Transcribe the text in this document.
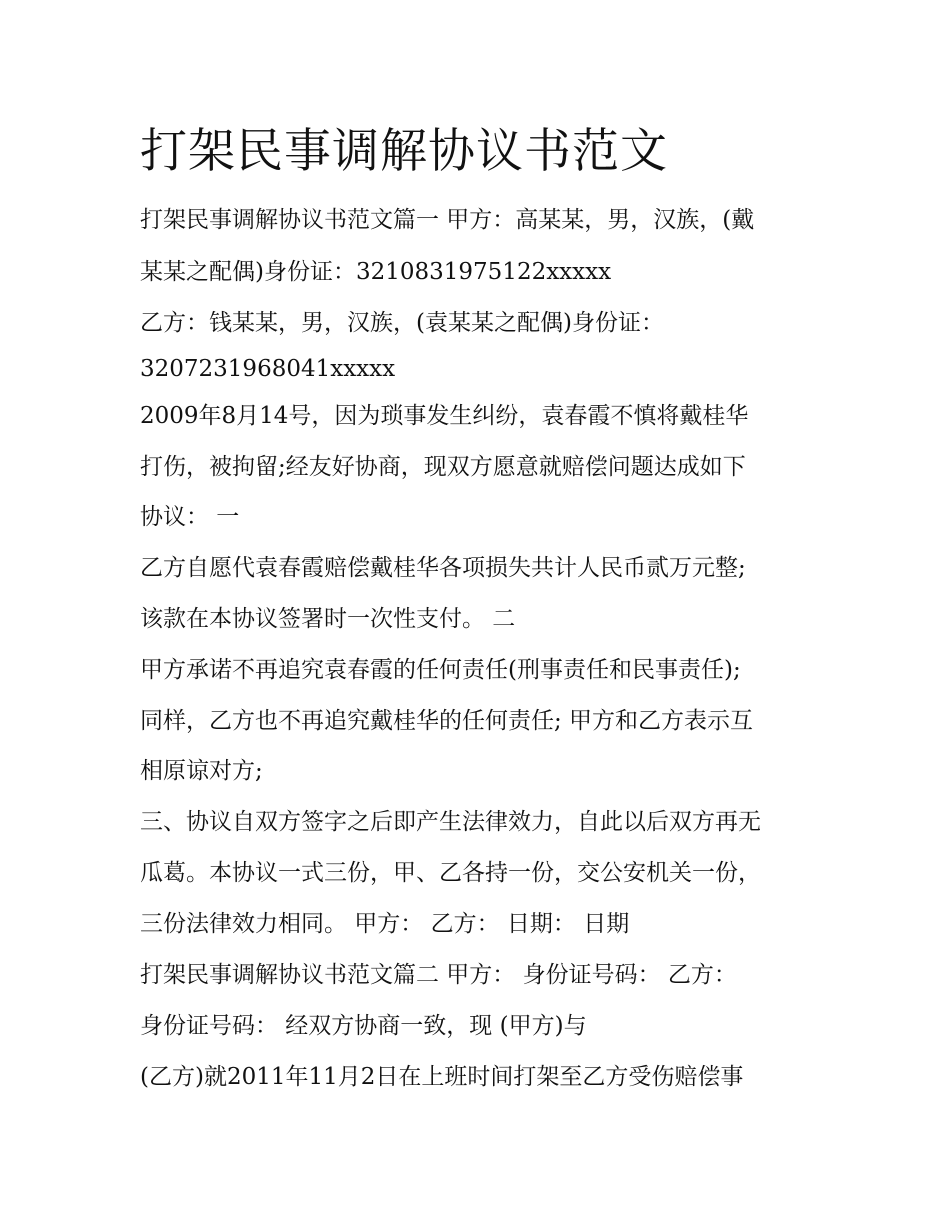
打架民事调解协议书范文

打架民事调解协议书范文篇一 甲方：高某某，男，汉族，(戴

某某之配偶)身份证：3210831975122xxxxx

乙方：钱某某，男，汉族，(袁某某之配偶)身份证：

3207231968041xxxxx

2009年8月14号，因为琐事发生纠纷，袁春霞不慎将戴桂华

打伤，被拘留;经友好协商，现双方愿意就赔偿问题达成如下

协议： 一

乙方自愿代袁春霞赔偿戴桂华各项损失共计人民币贰万元整;

该款在本协议签署时一次性支付。 二

甲方承诺不再追究袁春霞的任何责任(刑事责任和民事责任);

同样，乙方也不再追究戴桂华的任何责任; 甲方和乙方表示互

相原谅对方;

三、协议自双方签字之后即产生法律效力，自此以后双方再无

瓜葛。本协议一式三份，甲、乙各持一份，交公安机关一份，

三份法律效力相同。 甲方： 乙方： 日期： 日期

打架民事调解协议书范文篇二 甲方： 身份证号码： 乙方：

身份证号码： 经双方协商一致，现 (甲方)与

(乙方)就2011年11月2日在上班时间打架至乙方受伤赔偿事
